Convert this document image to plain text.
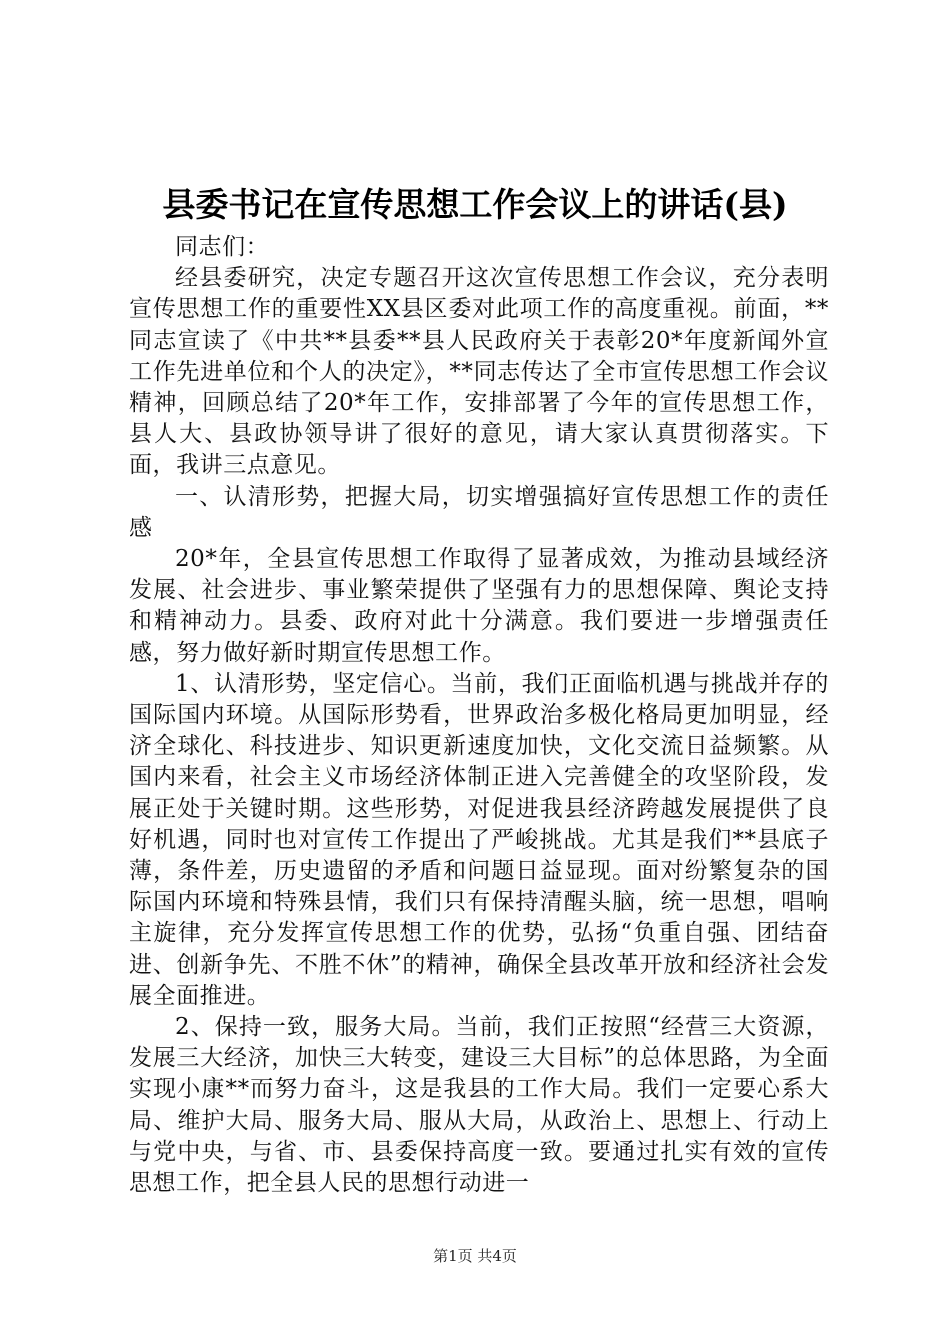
县委书记在宣传思想工作会议上的讲话(县)

同志们：

经县委研究，决定专题召开这次宣传思想工作会议，充分表明宣传思想工作的重要性XX县区委对此项工作的高度重视。前面，**同志宣读了《中共**县委**县人民政府关于表彰20*年度新闻外宣工作先进单位和个人的决定》，**同志传达了全市宣传思想工作会议精神，回顾总结了20*年工作，安排部署了今年的宣传思想工作，县人大、县政协领导讲了很好的意见，请大家认真贯彻落实。下面，我讲三点意见。

一、认清形势，把握大局，切实增强搞好宣传思想工作的责任感

20*年，全县宣传思想工作取得了显著成效，为推动县域经济发展、社会进步、事业繁荣提供了坚强有力的思想保障、舆论支持和精神动力。县委、政府对此十分满意。我们要进一步增强责任感，努力做好新时期宣传思想工作。

1、认清形势，坚定信心。当前，我们正面临机遇与挑战并存的国际国内环境。从国际形势看，世界政治多极化格局更加明显，经济全球化、科技进步、知识更新速度加快，文化交流日益频繁。从国内来看，社会主义市场经济体制正进入完善健全的攻坚阶段，发展正处于关键时期。这些形势，对促进我县经济跨越发展提供了良好机遇，同时也对宣传工作提出了严峻挑战。尤其是我们**县底子薄，条件差，历史遗留的矛盾和问题日益显现。面对纷繁复杂的国际国内环境和特殊县情，我们只有保持清醒头脑，统一思想，唱响主旋律，充分发挥宣传思想工作的优势，弘扬“负重自强、团结奋进、创新争先、不胜不休”的精神，确保全县改革开放和经济社会发展全面推进。

2、保持一致，服务大局。当前，我们正按照“经营三大资源，发展三大经济，加快三大转变，建设三大目标”的总体思路，为全面实现小康**而努力奋斗，这是我县的工作大局。我们一定要心系大局、维护大局、服务大局、服从大局，从政治上、思想上、行动上与党中央，与省、市、县委保持高度一致。要通过扎实有效的宣传思想工作，把全县人民的思想行动进一

第1页 共4页
